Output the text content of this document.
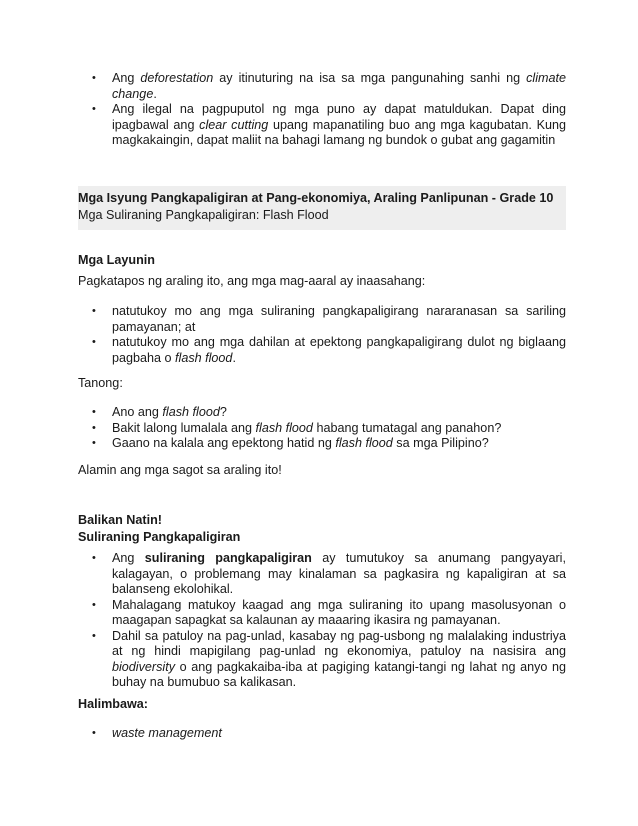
• Ang deforestation ay itinuturing na isa sa mga pangunahing sanhi ng climate change.
• Ang ilegal na pagpuputol ng mga puno ay dapat matuldukan. Dapat ding ipagbawal ang clear cutting upang mapanatiling buo ang mga kagubatan. Kung magkakaingin, dapat maliit na bahagi lamang ng bundok o gubat ang gagamitin
Mga Isyung Pangkapaligiran at Pang-ekonomiya, Araling Panlipunan - Grade 10
Mga Suliraning Pangkapaligiran: Flash Flood

Mga Layunin

Pagkatapos ng araling ito, ang mga mag-aaral ay inaasahang:

• natutukoy mo ang mga suliraning pangkapaligirang nararanasan sa sariling pamayanan; at
• natutukoy mo ang mga dahilan at epektong pangkapaligirang dulot ng biglaang pagbaha o flash flood.

Tanong:

• Ano ang flash flood?
• Bakit lalong lumalala ang flash flood habang tumatagal ang panahon?
• Gaano na kalala ang epektong hatid ng flash flood sa mga Pilipino?

Alamin ang mga sagot sa araling ito!

Balikan Natin!

Suliraning Pangkapaligiran

• Ang suliraning pangkapaligiran ay tumutukoy sa anumang pangyayari, kalagayan, o problemang may kinalaman sa pagkasira ng kapaligiran at sa balanseng ekolohikal.
• Mahalagang matukoy kaagad ang mga suliraning ito upang masolusyonan o maagapan sapagkat sa kalaunan ay maaaring ikasira ng pamayanan.
• Dahil sa patuloy na pag-unlad, kasabay ng pag-usbong ng malalaking industriya at ng hindi mapigilang pag-unlad ng ekonomiya, patuloy na nasisira ang biodiversity o ang pagkakaiba-iba at pagiging katangi-tangi ng lahat ng anyo ng buhay na bumubuo sa kalikasan.

Halimbawa:

• waste management
